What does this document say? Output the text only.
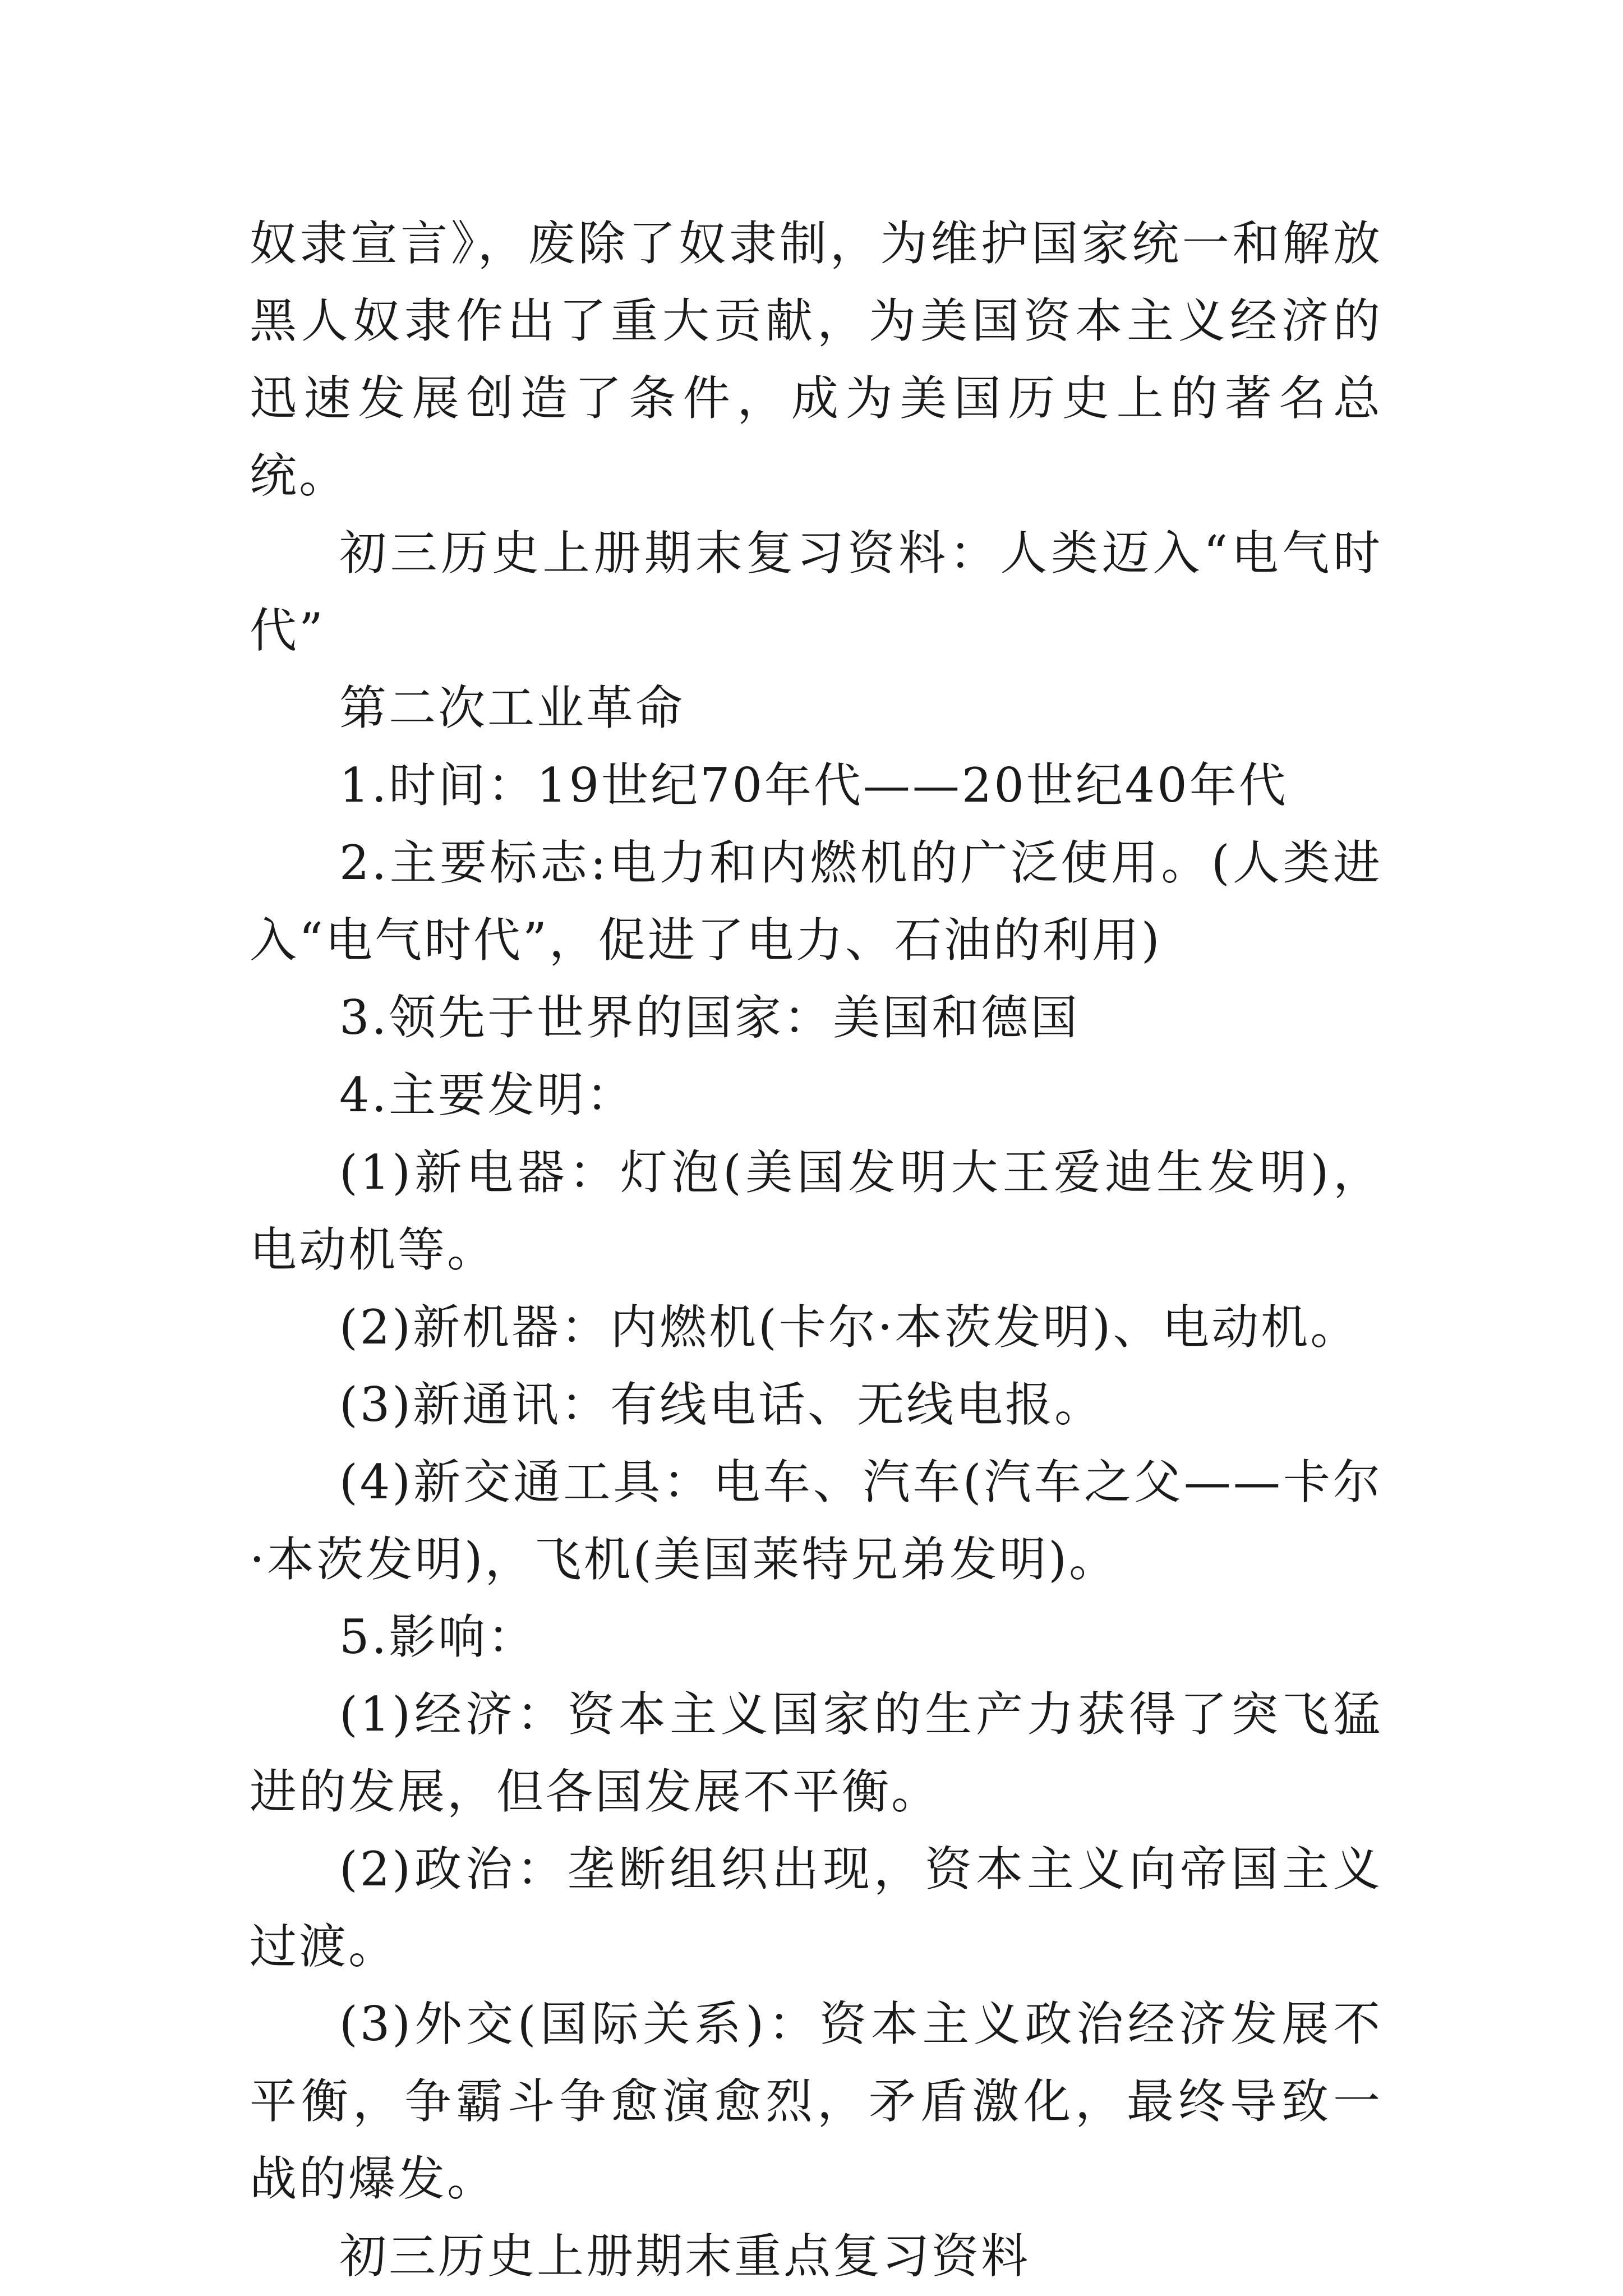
奴隶宣言》，废除了奴隶制，为维护国家统一和解放黑人奴隶作出了重大贡献，为美国资本主义经济的迅速发展创造了条件，成为美国历史上的著名总统。

初三历史上册期末复习资料：人类迈入“电气时代”

第二次工业革命

1.时间：19世纪70年代——20世纪40年代

2.主要标志:电力和内燃机的广泛使用。(人类进入“电气时代”，促进了电力、石油的利用)

3.领先于世界的国家：美国和德国

4.主要发明：

(1)新电器：灯泡(美国发明大王爱迪生发明)，电动机等。

(2)新机器：内燃机(卡尔·本茨发明)、电动机。

(3)新通讯：有线电话、无线电报。

(4)新交通工具：电车、汽车(汽车之父——卡尔·本茨发明)，飞机(美国莱特兄弟发明)。

5.影响：

(1)经济：资本主义国家的生产力获得了突飞猛进的发展，但各国发展不平衡。

(2)政治：垄断组织出现，资本主义向帝国主义过渡。

(3)外交(国际关系)：资本主义政治经济发展不平衡，争霸斗争愈演愈烈，矛盾激化，最终导致一战的爆发。

初三历史上册期末重点复习资料
